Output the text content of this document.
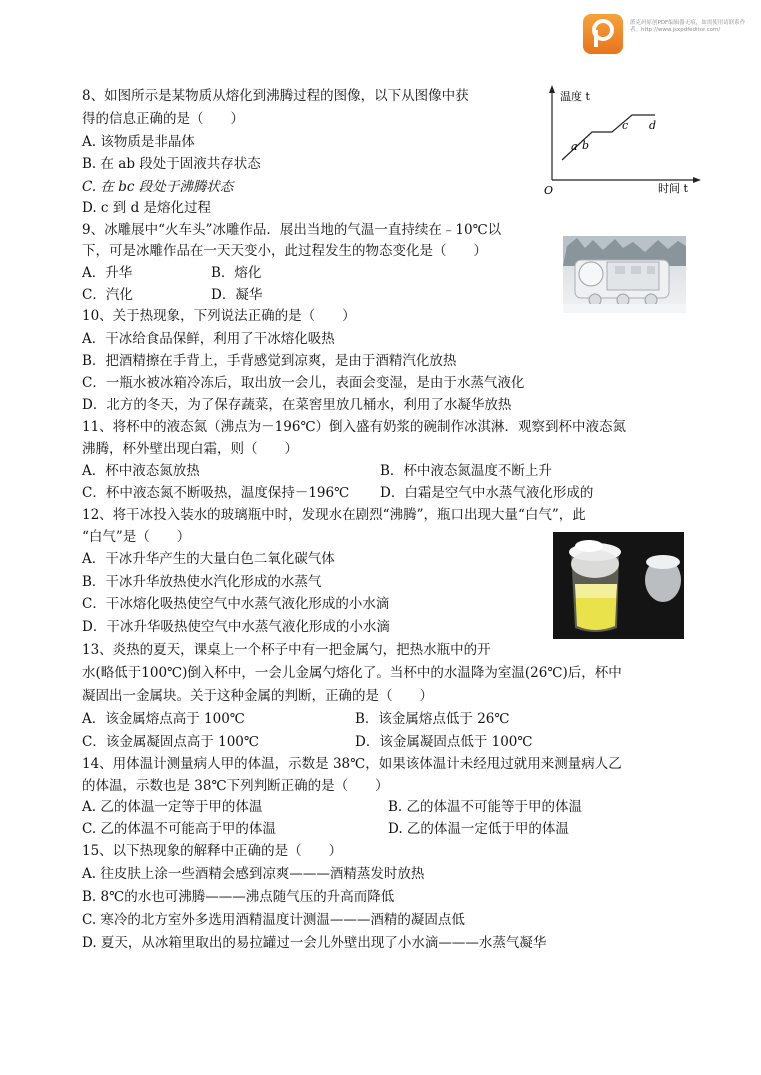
派克码原创PDF编辑器无痕，如需使用请联系作者。http://www.jsxpdfeditor.com/
8、如图所示是某物质从熔化到沸腾过程的图像，以下从图像中获
得的信息正确的是（　　）
A. 该物质是非晶体
B. 在 ab 段处于固液共存状态
C. 在 bc 段处于沸腾状态
D. c 到 d 是熔化过程
温度 t
时间 t
O
a b
c d
9、冰雕展中“火车头”冰雕作品．展出当地的气温一直持续在﹣10℃以
下，可是冰雕作品在一天天变小，此过程发生的物态变化是（　　）
A．升华	B．熔化
C．汽化	D．凝华
10、关于热现象，下列说法正确的是（　　）
A．干冰给食品保鲜，利用了干冰熔化吸热
B．把酒精擦在手背上，手背感觉到凉爽，是由于酒精汽化放热
C．一瓶水被冰箱冷冻后，取出放一会儿，表面会变湿，是由于水蒸气液化
D．北方的冬天，为了保存蔬菜，在菜窖里放几桶水，利用了水凝华放热
11、将杯中的液态氮（沸点为－196℃）倒入盛有奶浆的碗制作冰淇淋．观察到杯中液态氮
沸腾，杯外壁出现白霜，则（　　）
A．杯中液态氮放热	B．杯中液态氮温度不断上升
C．杯中液态氮不断吸热，温度保持－196℃ D．白霜是空气中水蒸气液化形成的
12、将干冰投入装水的玻璃瓶中时，发现水在剧烈“沸腾”，瓶口出现大量“白气”，此
“白气”是（　　）
A．干冰升华产生的大量白色二氧化碳气体
B．干冰升华放热使水汽化形成的水蒸气
C．干冰熔化吸热使空气中水蒸气液化形成的小水滴
D．干冰升华吸热使空气中水蒸气液化形成的小水滴
13、炎热的夏天，课桌上一个杯子中有一把金属勺，把热水瓶中的开
水(略低于100℃)倒入杯中，一会儿金属勺熔化了。当杯中的水温降为室温(26℃)后，杯中
凝固出一金属块。关于这种金属的判断，正确的是（　　）
A．该金属熔点高于 100℃	B．该金属熔点低于 26℃
C．该金属凝固点高于 100℃	D．该金属凝固点低于 100℃
14、用体温计测量病人甲的体温，示数是 38℃，如果该体温计未经甩过就用来测量病人乙
的体温，示数也是 38℃下列判断正确的是（　　）
A. 乙的体温一定等于甲的体温	B. 乙的体温不可能等于甲的体温
C. 乙的体温不可能高于甲的体温	D. 乙的体温一定低于甲的体温
15、以下热现象的解释中正确的是（　　）
A. 往皮肤上涂一些酒精会感到凉爽———酒精蒸发时放热
B. 8℃的水也可沸腾———沸点随气压的升高而降低
C. 寒冷的北方室外多选用酒精温度计测温———酒精的凝固点低
D. 夏天，从冰箱里取出的易拉罐过一会儿外壁出现了小水滴———水蒸气凝华
